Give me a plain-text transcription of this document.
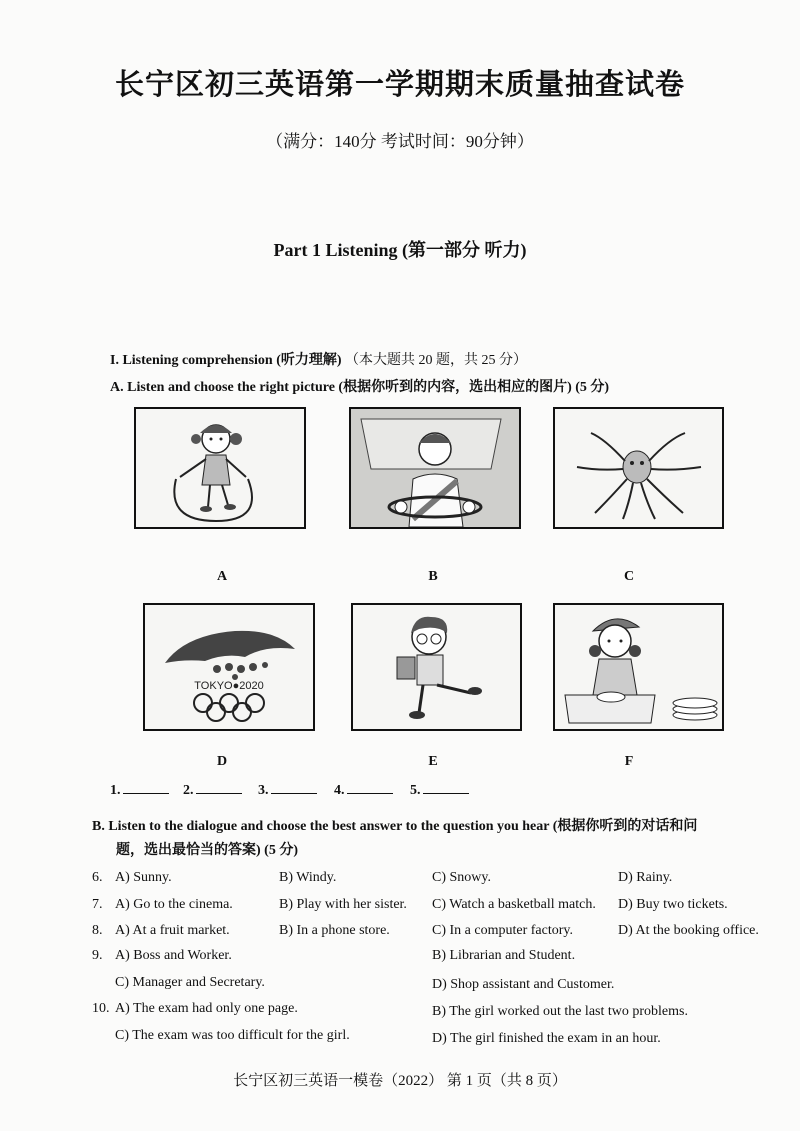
长宁区初三英语第一学期期末质量抽查试卷
（满分：140分 考试时间：90分钟）
Part 1 Listening (第一部分 听力)
I. Listening comprehension (听力理解) （本大题共 20 题，共 25 分）
A. Listen and choose the right picture (根据你听到的内容，选出相应的图片) (5 分)
A	B	C
TOKYO●2020
D	E	F
1.	2.	3.	4.	5.
B. Listen to the dialogue and choose the best answer to the question you hear (根据你听到的对话和问
题，选出最恰当的答案) (5 分)
6. A) Sunny.	B) Windy.	C) Snowy.	D) Rainy.
7. A) Go to the cinema.	B) Play with her sister. C) Watch a basketball match. D) Buy two tickets.
8. A) At a fruit market.	B) In a phone store.	C) In a computer factory.	D) At the booking office.
9. A) Boss and Worker.	B) Librarian and Student.
C) Manager and Secretary.	D) Shop assistant and Customer.
10. A) The exam had only one page.	B) The girl worked out the last two problems.
C) The exam was too difficult for the girl.	D) The girl finished the exam in an hour.
长宁区初三英语一模卷（2022） 第 1 页（共 8 页）
